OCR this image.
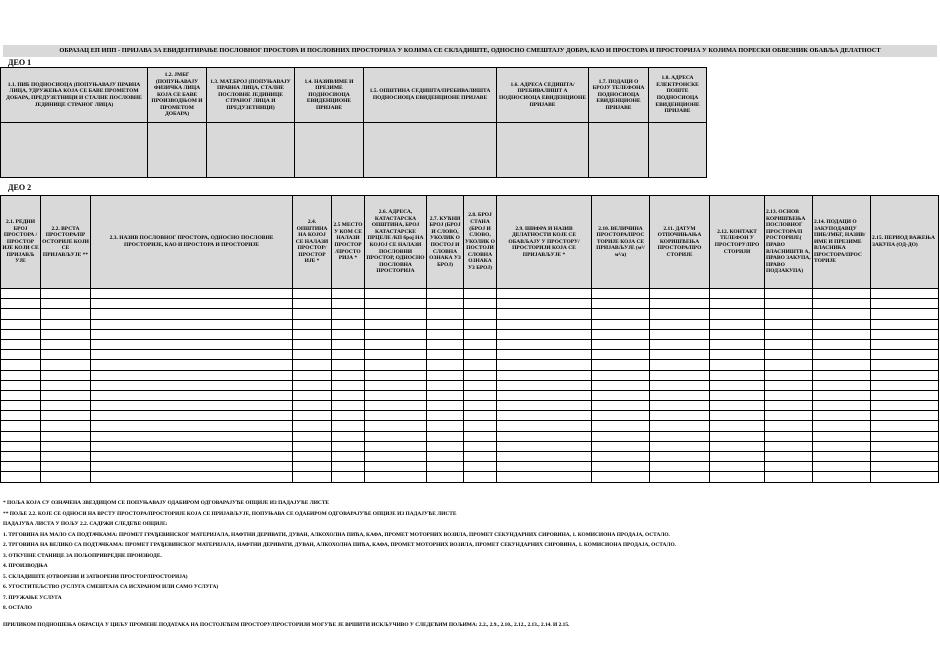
ОБРАЗАЦ ЕП ИПП - ПРИЈАВА ЗА ЕВИДЕНТИРАЊЕ ПОСЛОВНОГ ПРОСТОРА И ПОСЛОВНИХ ПРОСТОРИЈА У КОЈИМА СЕ СКЛАДИШТЕ, ОДНОСНО СМЕШТАЈУ ДОБРА, КАО И ПРОСТОРА И ПРОСТОРИЈА У КОЈИМА ПОРЕСКИ ОБВЕЗНИК ОБАВЉА ДЕЛАТНОСТ
ДЕО 1
1.1. ПИБ ПОДНОСИОЦА (ПОПУЊАВАЈУ ПРАВНА ЛИЦА, УДРУЖЕЊА КОЈА СЕ БАВЕ ПРОМЕТОМ ДОБАРА, ПРЕДУЗЕТНИЦИ И СТАЛНЕ ПОСЛОВНЕ ЈЕДИНИЦЕ СТРАНОГ ЛИЦА)	1.2. ЈМБГ (ПОПУЊАВАЈУ ФИЗИЧКА ЛИЦА КОЈА СЕ БАВЕ ПРОИЗВОДЊОМ И ПРОМЕТОМ ДОБАРА)	1.3. МАТ.БРОЈ (ПОПУЊАВАЈУ ПРАВНА ЛИЦА, СТАЛНЕ ПОСЛОВНЕ ЈЕДИНИЦЕ СТРАНОГ ЛИЦА И ПРЕДУЗЕТНИЦИ)	1.4. НАЗИВ/ИМЕ И ПРЕЗИМЕ ПОДНОСИОЦА ЕВИДЕНЦИОНЕ ПРИЈАВЕ	1.5. ОПШТИНА СЕДИШТА/ПРЕБИВАЛИШТА ПОДНОСИОЦА ЕВИДЕНЦИОНЕ ПРИЈАВЕ	1.6. АДРЕСА СЕДИШТА/ПРЕБИВАЛИШТ А ПОДНОСИОЦА ЕВИДЕНЦИОНЕ ПРИЈАВЕ	1.7. ПОДАЦИ О БРОЈУ ТЕЛЕФОНА ПОДНОСИОЦА ЕВИДЕНЦИОНЕ ПРИЈАВЕ	1.8. АДРЕСА ЕЛЕКТРОНСКЕ ПОШТЕ ПОДНОСИОЦА ЕВИДЕНЦИОНЕ ПРИЈАВЕ

ДЕО 2
2.1. РЕДНИ БРОЈ ПРОСТОРА /ПРОСТОР ИЈЕ КОЈИ СЕ ПРИЈАВЉ УЈЕ	2.2. ВРСТА ПРОСТОРА/ПР ОСТОРИЈЕ КОЈИ СЕ ПРИЈАВЉУЈЕ **	2.3. НАЗИВ ПОСЛОВНОГ ПРОСТОРА, ОДНОСНО ПОСЛОВНЕ ПРОСТОРИЈЕ, КАО И ПРОСТОРА И ПРОСТОРИЈЕ	2.4. ОПШТИНА НА КОЈОЈ СЕ НАЛАЗИ ПРОСТОР/ ПРОСТОР ИЈЕ *	2.5 МЕСТО У КОМ СЕ НАЛАЗИ ПРОСТОР /ПРОСТО РИЈА *	2.6. АДРЕСА, КАТАСТАРСКА ОПШТИНА, БРОЈ КАТАСТАРСКЕ ПРЦЕЛЕ /КП број НА КОЈОЈ СЕ НАЛАЗИ ПОСЛОВНИ ПРОСТОР, ОДНОСНО ПОСЛОВНА ПРОСТОРИЈА	2.7. КУЋНИ БРОЈ (БРОЈ И СЛОВО, УКОЛИК О ПОСТОЈ И СЛОВНА ОЗНАКА УЗ БРОЈ)	2.8. БРОЈ СТАНА (БРОЈ И СЛОВО, УКОЛИК О ПОСТОЈИ СЛОВНА ОЗНАКА УЗ БРОЈ)	2.9. ШИФРА И НАЗИВ ДЕЛАТНОСТИ КОЈЕ СЕ ОБАВЉАЈУ У ПРОСТОРУ/ПРОСТОРИЈИ КОЈА СЕ ПРИЈАВЉУЈЕ *	2.10. ВЕЛИЧИНА ПРОСТОРА/ПРОС ТОРИЈЕ КОЈА СЕ ПРИЈАВЉУЈЕ (м²/м³/a)	2.11. ДАТУМ ОТПОЧИЊАЊА КОРИШЋЕЊА ПРОСТОРА/ПРО СТОРИЈЕ	2.12. КОНТАКТ ТЕЛЕФОН У ПРОСТОРУ/ПРО СТОРИЈИ	2.13. ОСНОВ КОРИШЋЕЊА ПОСЛОВНОГ ПРОСТОРА/П РОСТОРИЈЕ( ПРАВО ВЛАСНИШТВ А, ПРАВО ЗАКУПА, ПРАВО ПОДЗАКУПА)	2.14. ПОДАЦИ О ЗАКУПОДАВЦУ ПИБ/ЈМБГ, НАЗИВ/ИМЕ И ПРЕЗИМЕ ВЛАСНИКА ПРОСТОРА/ПРОС ТОРИЈЕ	2.15. ПЕРИОД ВАЖЕЊА ЗАКУПА (ОД-ДО)

* ПОЉА КОЈА СУ ОЗНАЧЕНА ЗВЕЗДИЦОМ СЕ ПОПУЊАВАЈУ ОДАБИРОМ ОДГОВАРАЈУЋЕ ОПЦИЈЕ ИЗ ПАДАЈУЋЕ ЛИСТЕ
** ПОЉЕ 2.2. КОЈЕ СЕ ОДНОСИ НА ВРСТУ ПРОСТОРА/ПРОСТОРИЈЕ КОЈА СЕ ПРИЈАВЉУЈЕ, ПОПУЊАВА СЕ ОДАБИРОМ ОДГОВАРАЈУЋЕ ОПЦИЈЕ ИЗ ПАДАЈУЋЕ ЛИСТЕ
ПАДАЈУЋА ЛИСТА У ПОЉУ 2.2. САДРЖИ СЛЕДЕЋЕ ОПЦИЈЕ:
1. ТРГОВИНА НА МАЛО СА ПОДТАЧКАМА: ПРОМЕТ ГРАЂЕВИНСКОГ МАТЕРИЈАЛА, НАФТНИ ДЕРИВАТИ, ДУВАН, АЛКОХОЛНА ПИЋА, КАФА, ПРОМЕТ МОТОРНИХ ВОЗИЛА, ПРОМЕТ СЕКУНДАРНИХ СИРОВИНА, 1. КОМИСИОНА ПРОДАЈА, ОСТАЛО.
2. ТРГОВИНА НА ВЕЛИКО СА ПОДТАЧКАМА: ПРОМЕТ ГРАЂЕВИНСКОГ МАТЕРИЈАЛА, НАФТНИ ДЕРИВАТИ, ДУВАН, АЛКОХОЛНА ПИЋА, КАФА, ПРОМЕТ МОТОРНИХ ВОЗИЛА, ПРОМЕТ СЕКУНДАРНИХ СИРОВИНА, 1. КОМИСИОНА ПРОДАЈА, ОСТАЛО.
3. ОТКУПНЕ СТАНИЦЕ ЗА ПОЉОПРИВРЕДНЕ ПРОИЗВОДЕ.
4. ПРОИЗВОДЊА
5. СКЛАДИШТЕ (ОТВОРЕНИ И ЗАТВОРЕНИ ПРОСТОР/ПРОСТОРИЈА)
6. УГОСТИТЕЉСТВО (УСЛУГА СМЕШТАЈА СА ИСХРАНОМ ИЛИ САМО УСЛУГА)
7. ПРУЖАЊЕ УСЛУГА
8. ОСТАЛО
ПРИЛИКОМ ПОДНОШЕЊА ОБРАСЦА У ЦИЉУ ПРОМЕНЕ ПОДАТАКА НА ПОСТОЈЕЋЕМ ПРОСТОРУ/ПРОСТОРИЈИ МОГУЋЕ ЈЕ ВРШИТИ ИСКЉУЧИВО У СЛЕДЕЋИМ ПОЉИМА: 2.2., 2.9., 2.10., 2.12., 2.13., 2.14. И 2.15.
